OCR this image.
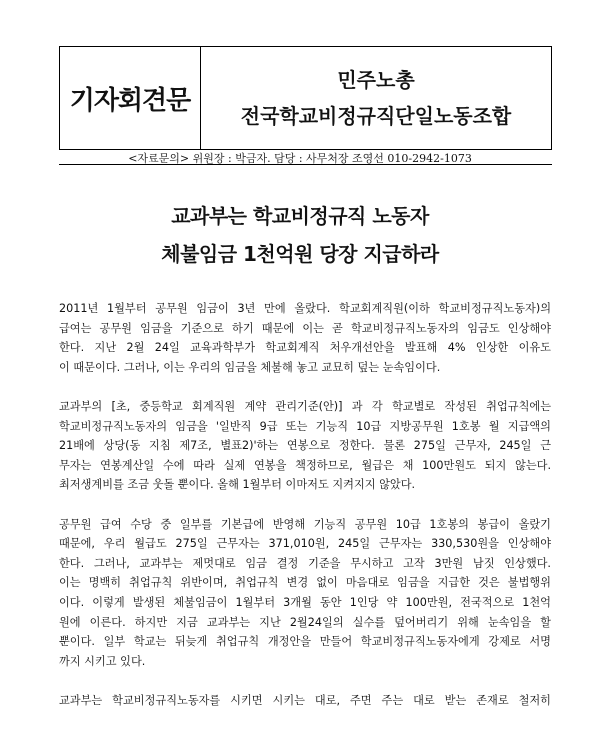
기자회견문
민주노총
전국학교비정규직단일노동조합
<자료문의> 위원장 : 박금자. 담당 : 사무처장 조영선 010-2942-1073
교과부는 학교비정규직 노동자
체불임금 1천억원 당장 지급하라
2011년 1월부터 공무원 임금이 3년 만에 올랐다. 학교회계직원(이하 학교비정규직노동자)의
급여는 공무원 임금을 기준으로 하기 때문에 이는 곧 학교비정규직노동자의 임금도 인상해야
한다. 지난 2월 24일 교육과학부가 학교회계직 처우개선안을 발표해 4% 인상한 이유도
이 때문이다. 그러나, 이는 우리의 임금을 체불해 놓고 교묘히 덮는 눈속임이다.
교과부의 [초, 중등학교 회계직원 계약 관리기준(안)] 과 각 학교별로 작성된 취업규칙에는
학교비정규직노동자의 임금을 '일반직 9급 또는 기능직 10급 지방공무원 1호봉 월 지급액의
21배에 상당(동 지침 제7조, 별표2)'하는 연봉으로 정한다. 물론 275일 근무자, 245일 근
무자는 연봉계산일 수에 따라 실제 연봉을 책정하므로, 월급은 채 100만원도 되지 않는다.
최저생계비를 조금 웃돌 뿐이다. 올해 1월부터 이마저도 지켜지지 않았다.
공무원 급여 수당 중 일부를 기본급에 반영해 기능직 공무원 10급 1호봉의 봉급이 올랐기
때문에, 우리 월급도 275일 근무자는 371,010원, 245일 근무자는 330,530원을 인상해야
한다. 그러나, 교과부는 제멋대로 임금 결정 기준을 무시하고 고작 3만원 남짓 인상했다.
이는 명백히 취업규칙 위반이며, 취업규칙 변경 없이 마음대로 임금을 지급한 것은 불법행위
이다. 이렇게 발생된 체불임금이 1월부터 3개월 동안 1인당 약 100만원, 전국적으로 1천억
원에 이른다. 하지만 지금 교과부는 지난 2월24일의 실수를 덮어버리기 위해 눈속임을 할
뿐이다. 일부 학교는 뒤늦게 취업규칙 개정안을 만들어 학교비정규직노동자에게 강제로 서명
까지 시키고 있다.
교과부는 학교비정규직노동자를 시키면 시키는 대로, 주면 주는 대로 받는 존재로 철저히
